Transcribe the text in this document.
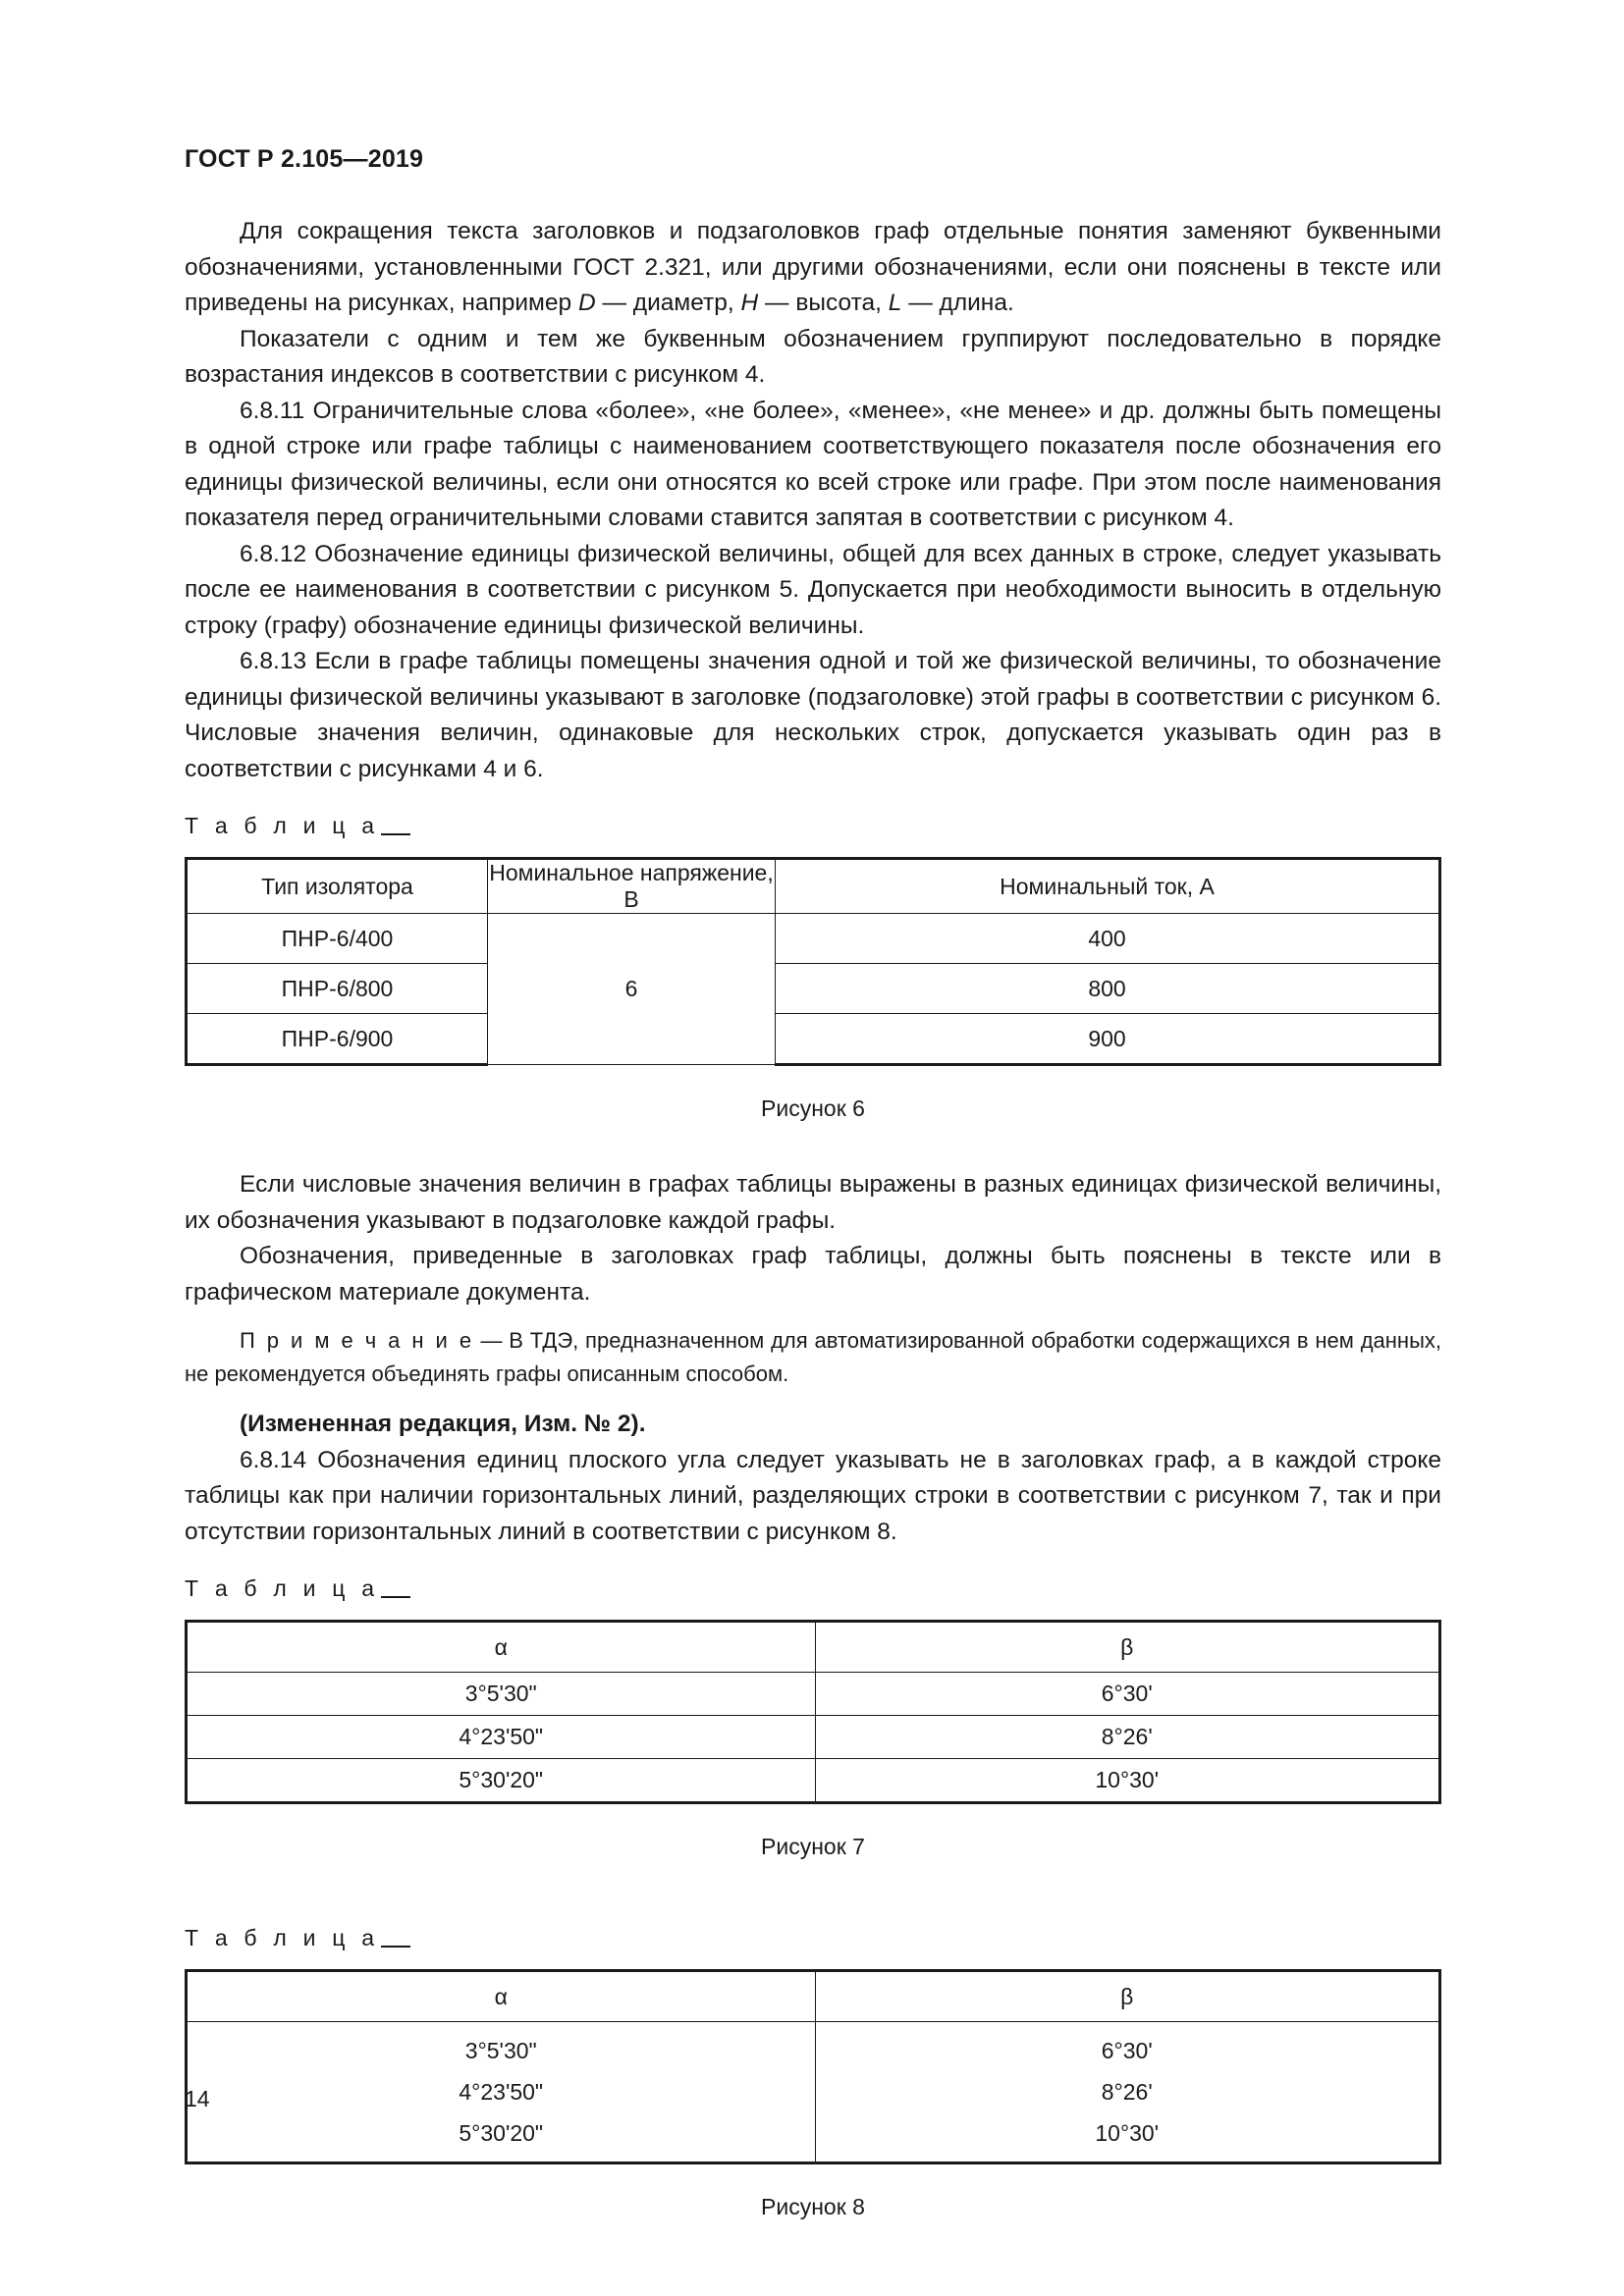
ГОСТ Р 2.105—2019

Для сокращения текста заголовков и подзаголовков граф отдельные понятия заменяют буквенными обозначениями, установленными ГОСТ 2.321, или другими обозначениями, если они пояснены в тексте или приведены на рисунках, например D — диаметр, H — высота, L — длина.

Показатели с одним и тем же буквенным обозначением группируют последовательно в порядке возрастания индексов в соответствии с рисунком 4.

6.8.11 Ограничительные слова «более», «не более», «менее», «не менее» и др. должны быть помещены в одной строке или графе таблицы с наименованием соответствующего показателя после обозначения его единицы физической величины, если они относятся ко всей строке или графе. При этом после наименования показателя перед ограничительными словами ставится запятая в соответствии с рисунком 4.

6.8.12 Обозначение единицы физической величины, общей для всех данных в строке, следует указывать после ее наименования в соответствии с рисунком 5. Допускается при необходимости выносить в отдельную строку (графу) обозначение единицы физической величины.

6.8.13 Если в графе таблицы помещены значения одной и той же физической величины, то обозначение единицы физической величины указывают в заголовке (подзаголовке) этой графы в соответствии с рисунком 6. Числовые значения величин, одинаковые для нескольких строк, допускается указывать один раз в соответствии с рисунками 4 и 6.

Т а б л и ц а

Тип изолятора	Номинальное напряжение, В	Номинальный ток, А
ПНР-6/400	6	400
ПНР-6/800		800
ПНР-6/900		900

Рисунок 6

Если числовые значения величин в графах таблицы выражены в разных единицах физической величины, их обозначения указывают в подзаголовке каждой графы.

Обозначения, приведенные в заголовках граф таблицы, должны быть пояснены в тексте или в графическом материале документа.

П р и м е ч а н и е — В ТДЭ, предназначенном для автоматизированной обработки содержащихся в нем данных, не рекомендуется объединять графы описанным способом.

(Измененная редакция, Изм. № 2).

6.8.14 Обозначения единиц плоского угла следует указывать не в заголовках граф, а в каждой строке таблицы как при наличии горизонтальных линий, разделяющих строки в соответствии с рисунком 7, так и при отсутствии горизонтальных линий в соответствии с рисунком 8.

Т а б л и ц а

α	β
3°5'30"	6°30'
4°23'50"	8°26'
5°30'20"	10°30'

Рисунок 7

Т а б л и ц а

α	β
3°5'30"	6°30'
4°23'50"	8°26'
5°30'20"	10°30'

Рисунок 8

14
